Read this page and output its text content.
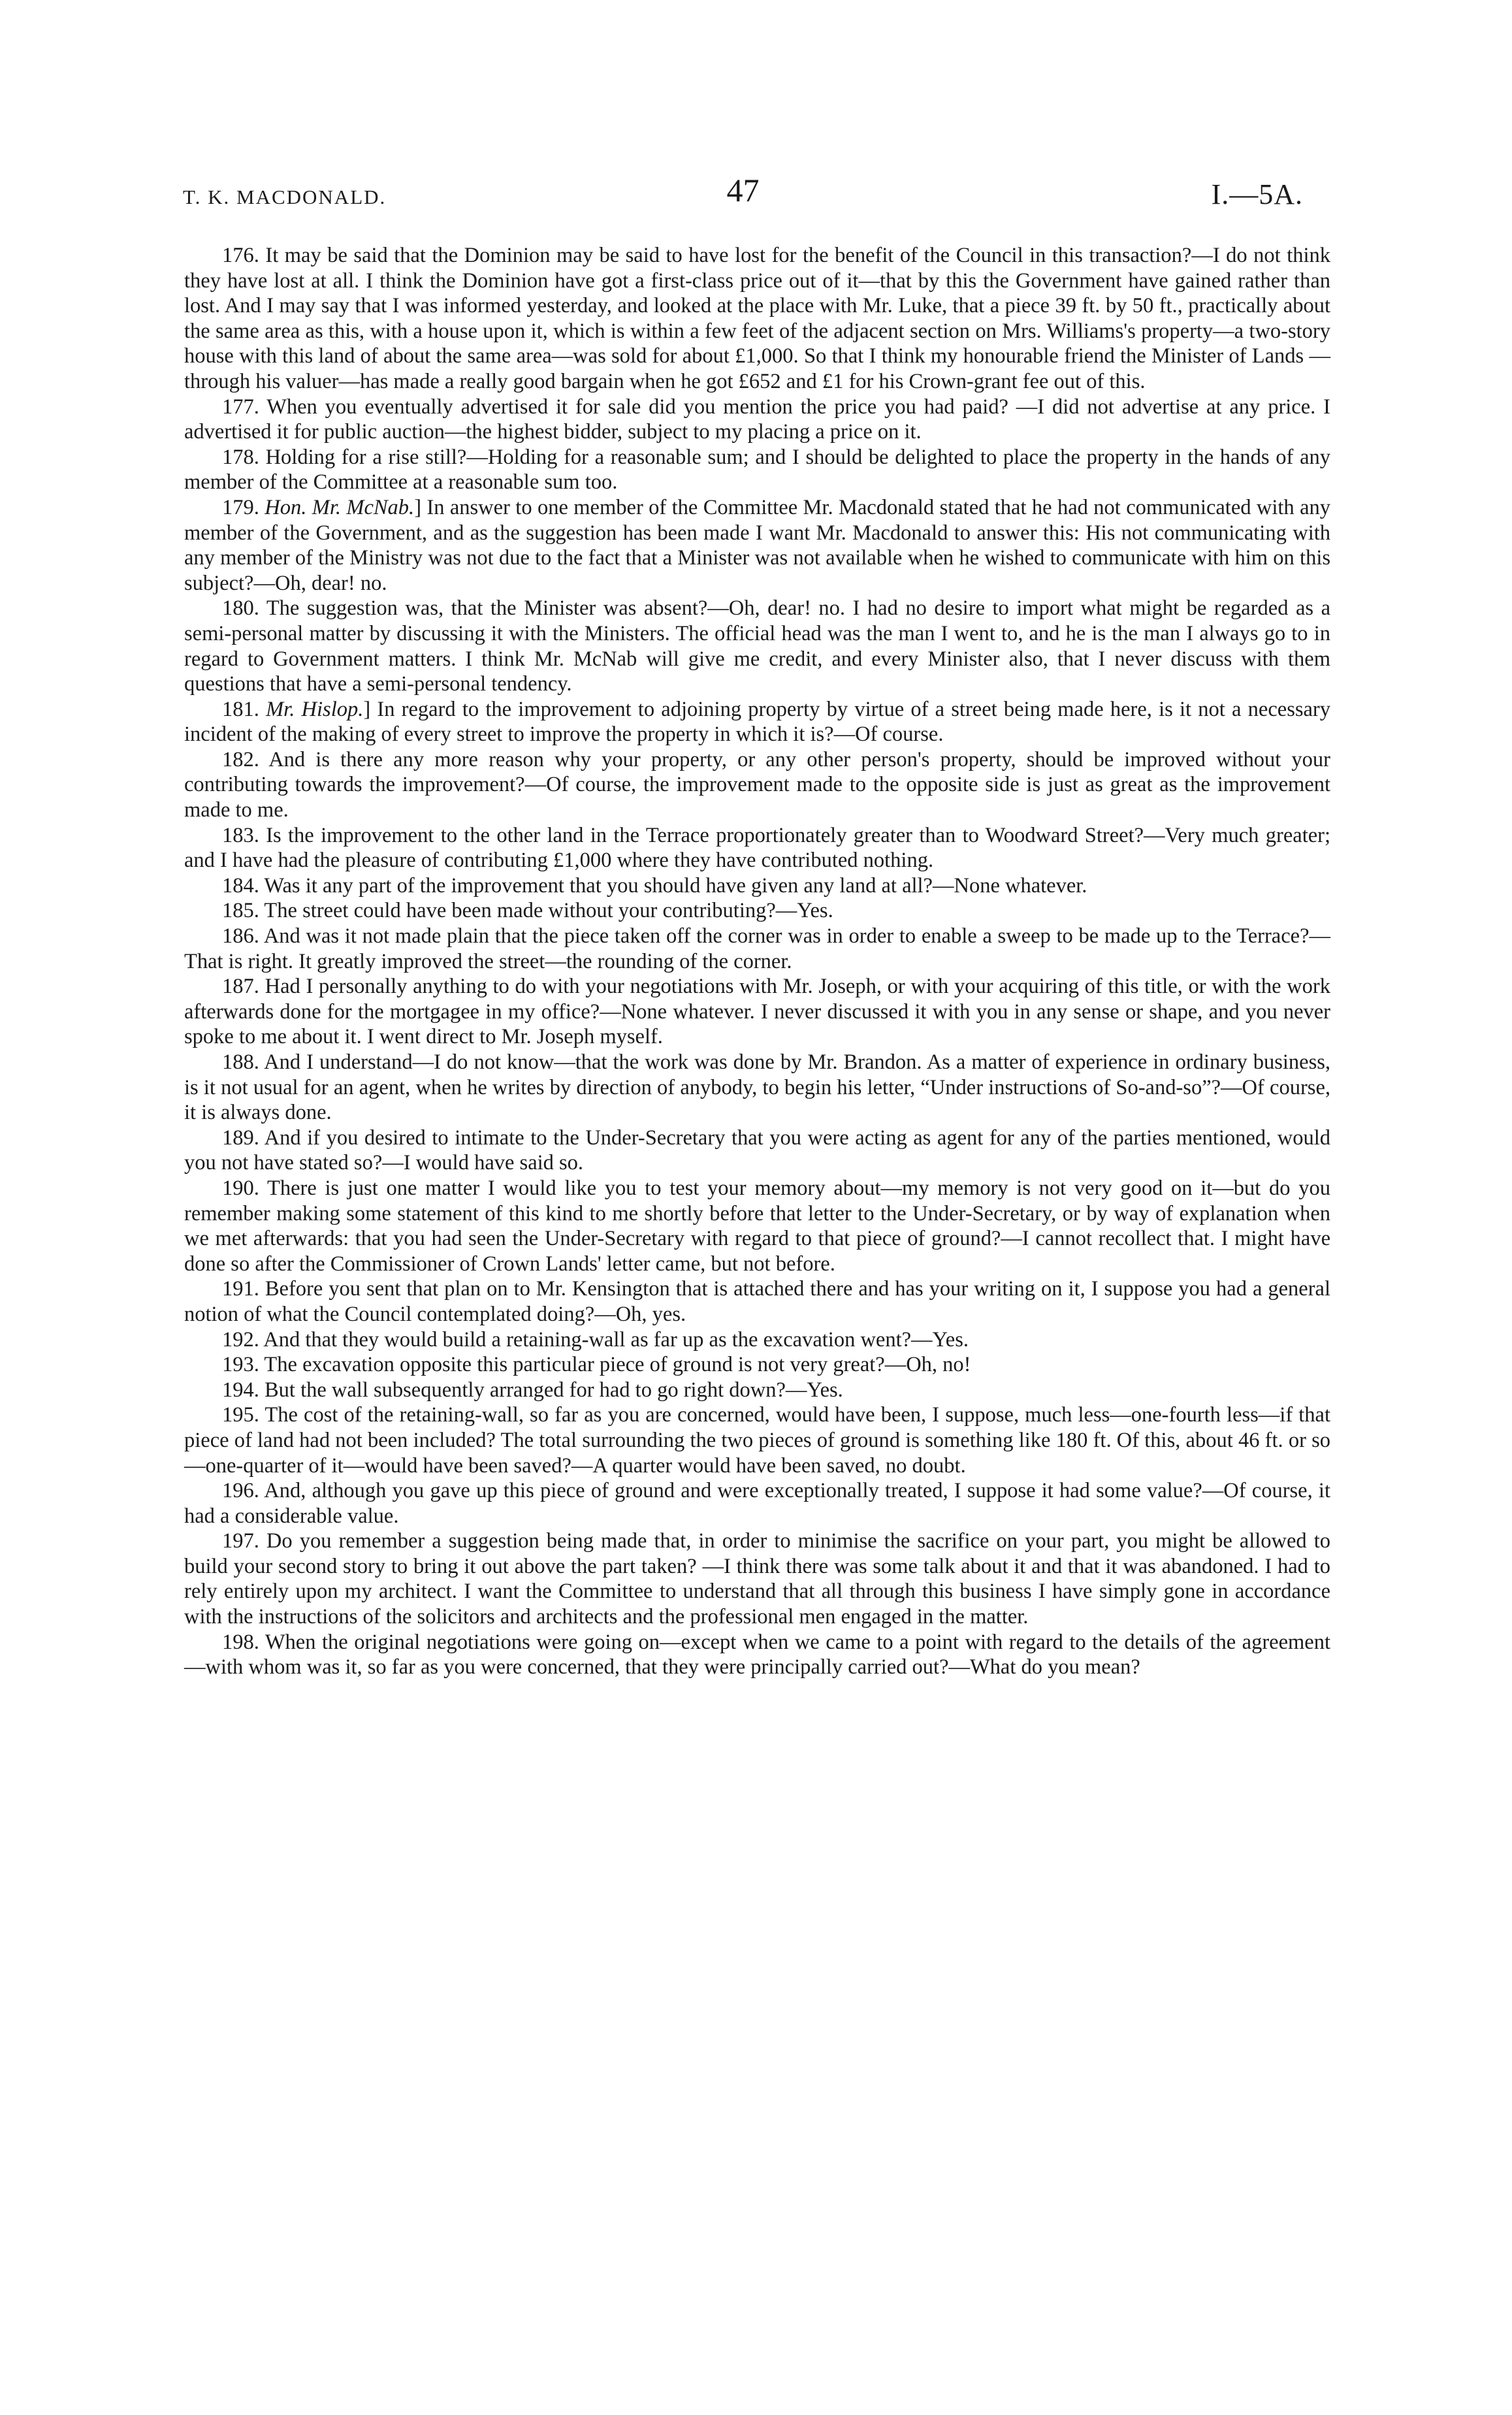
T. K. MACDONALD.	47	I.—5A.

176. It may be said that the Dominion may be said to have lost for the benefit of the Council in this transaction?—I do not think they have lost at all. I think the Dominion have got a first-class price out of it—that by this the Government have gained rather than lost. And I may say that I was informed yesterday, and looked at the place with Mr. Luke, that a piece 39 ft. by 50 ft., practically about the same area as this, with a house upon it, which is within a few feet of the adjacent section on Mrs. Williams's property—a two-story house with this land of about the same area—was sold for about £1,000. So that I think my honourable friend the Minister of Lands —through his valuer—has made a really good bargain when he got £652 and £1 for his Crown-grant fee out of this.

177. When you eventually advertised it for sale did you mention the price you had paid? —I did not advertise at any price. I advertised it for public auction—the highest bidder, subject to my placing a price on it.

178. Holding for a rise still?—Holding for a reasonable sum; and I should be delighted to place the property in the hands of any member of the Committee at a reasonable sum too.

179. Hon. Mr. McNab.] In answer to one member of the Committee Mr. Macdonald stated that he had not communicated with any member of the Government, and as the suggestion has been made I want Mr. Macdonald to answer this: His not communicating with any member of the Ministry was not due to the fact that a Minister was not available when he wished to communicate with him on this subject?—Oh, dear! no.

180. The suggestion was, that the Minister was absent?—Oh, dear! no. I had no desire to import what might be regarded as a semi-personal matter by discussing it with the Ministers. The official head was the man I went to, and he is the man I always go to in regard to Government matters. I think Mr. McNab will give me credit, and every Minister also, that I never discuss with them questions that have a semi-personal tendency.

181. Mr. Hislop.] In regard to the improvement to adjoining property by virtue of a street being made here, is it not a necessary incident of the making of every street to improve the property in which it is?—Of course.

182. And is there any more reason why your property, or any other person's property, should be improved without your contributing towards the improvement?—Of course, the improvement made to the opposite side is just as great as the improvement made to me.

183. Is the improvement to the other land in the Terrace proportionately greater than to Woodward Street?—Very much greater; and I have had the pleasure of contributing £1,000 where they have contributed nothing.

184. Was it any part of the improvement that you should have given any land at all?—None whatever.

185. The street could have been made without your contributing?—Yes.

186. And was it not made plain that the piece taken off the corner was in order to enable a sweep to be made up to the Terrace?—That is right. It greatly improved the street—the rounding of the corner.

187. Had I personally anything to do with your negotiations with Mr. Joseph, or with your acquiring of this title, or with the work afterwards done for the mortgagee in my office?—None whatever. I never discussed it with you in any sense or shape, and you never spoke to me about it. I went direct to Mr. Joseph myself.

188. And I understand—I do not know—that the work was done by Mr. Brandon. As a matter of experience in ordinary business, is it not usual for an agent, when he writes by direction of anybody, to begin his letter, “Under instructions of So-and-so”?—Of course, it is always done.

189. And if you desired to intimate to the Under-Secretary that you were acting as agent for any of the parties mentioned, would you not have stated so?—I would have said so.

190. There is just one matter I would like you to test your memory about—my memory is not very good on it—but do you remember making some statement of this kind to me shortly before that letter to the Under-Secretary, or by way of explanation when we met afterwards: that you had seen the Under-Secretary with regard to that piece of ground?—I cannot recollect that. I might have done so after the Commissioner of Crown Lands' letter came, but not before.

191. Before you sent that plan on to Mr. Kensington that is attached there and has your writing on it, I suppose you had a general notion of what the Council contemplated doing?—Oh, yes.

192. And that they would build a retaining-wall as far up as the excavation went?—Yes.

193. The excavation opposite this particular piece of ground is not very great?—Oh, no!

194. But the wall subsequently arranged for had to go right down?—Yes.

195. The cost of the retaining-wall, so far as you are concerned, would have been, I suppose, much less—one-fourth less—if that piece of land had not been included? The total surrounding the two pieces of ground is something like 180 ft. Of this, about 46 ft. or so—one-quarter of it—would have been saved?—A quarter would have been saved, no doubt.

196. And, although you gave up this piece of ground and were exceptionally treated, I suppose it had some value?—Of course, it had a considerable value.

197. Do you remember a suggestion being made that, in order to minimise the sacrifice on your part, you might be allowed to build your second story to bring it out above the part taken? —I think there was some talk about it and that it was abandoned. I had to rely entirely upon my architect. I want the Committee to understand that all through this business I have simply gone in accordance with the instructions of the solicitors and architects and the professional men engaged in the matter.

198. When the original negotiations were going on—except when we came to a point with regard to the details of the agreement—with whom was it, so far as you were concerned, that they were principally carried out?—What do you mean?
